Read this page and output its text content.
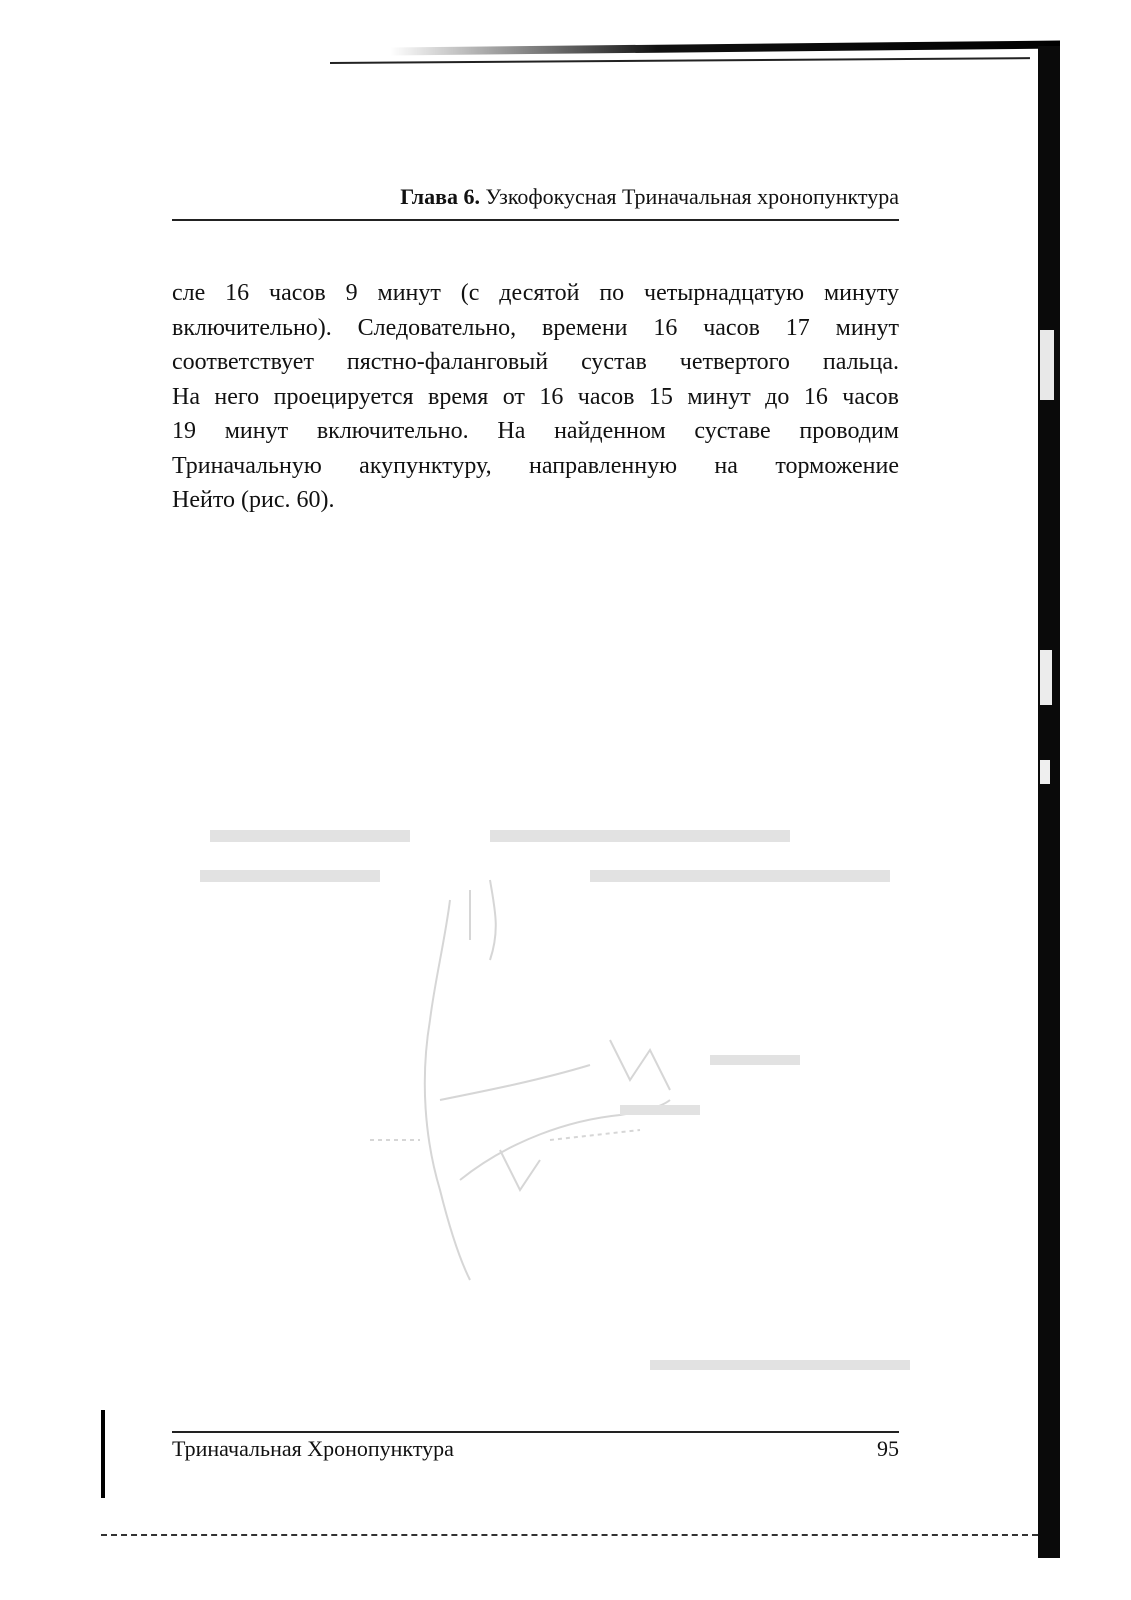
Глава 6. Узкофокусная Триначальная хронопунктура
сле 16 часов 9 минут (с десятой по четырнадцатую минуту
включительно). Следовательно, времени 16 часов 17 минут
соответствует пястно-фаланговый сустав четвертого пальца.
На него проецируется время от 16 часов 15 минут до 16 часов
19 минут включительно. На найденном суставе проводим
Триначальную акупунктуру, направленную на торможение
Нейто (рис. 60).
Триначальная Хронопунктура	95
